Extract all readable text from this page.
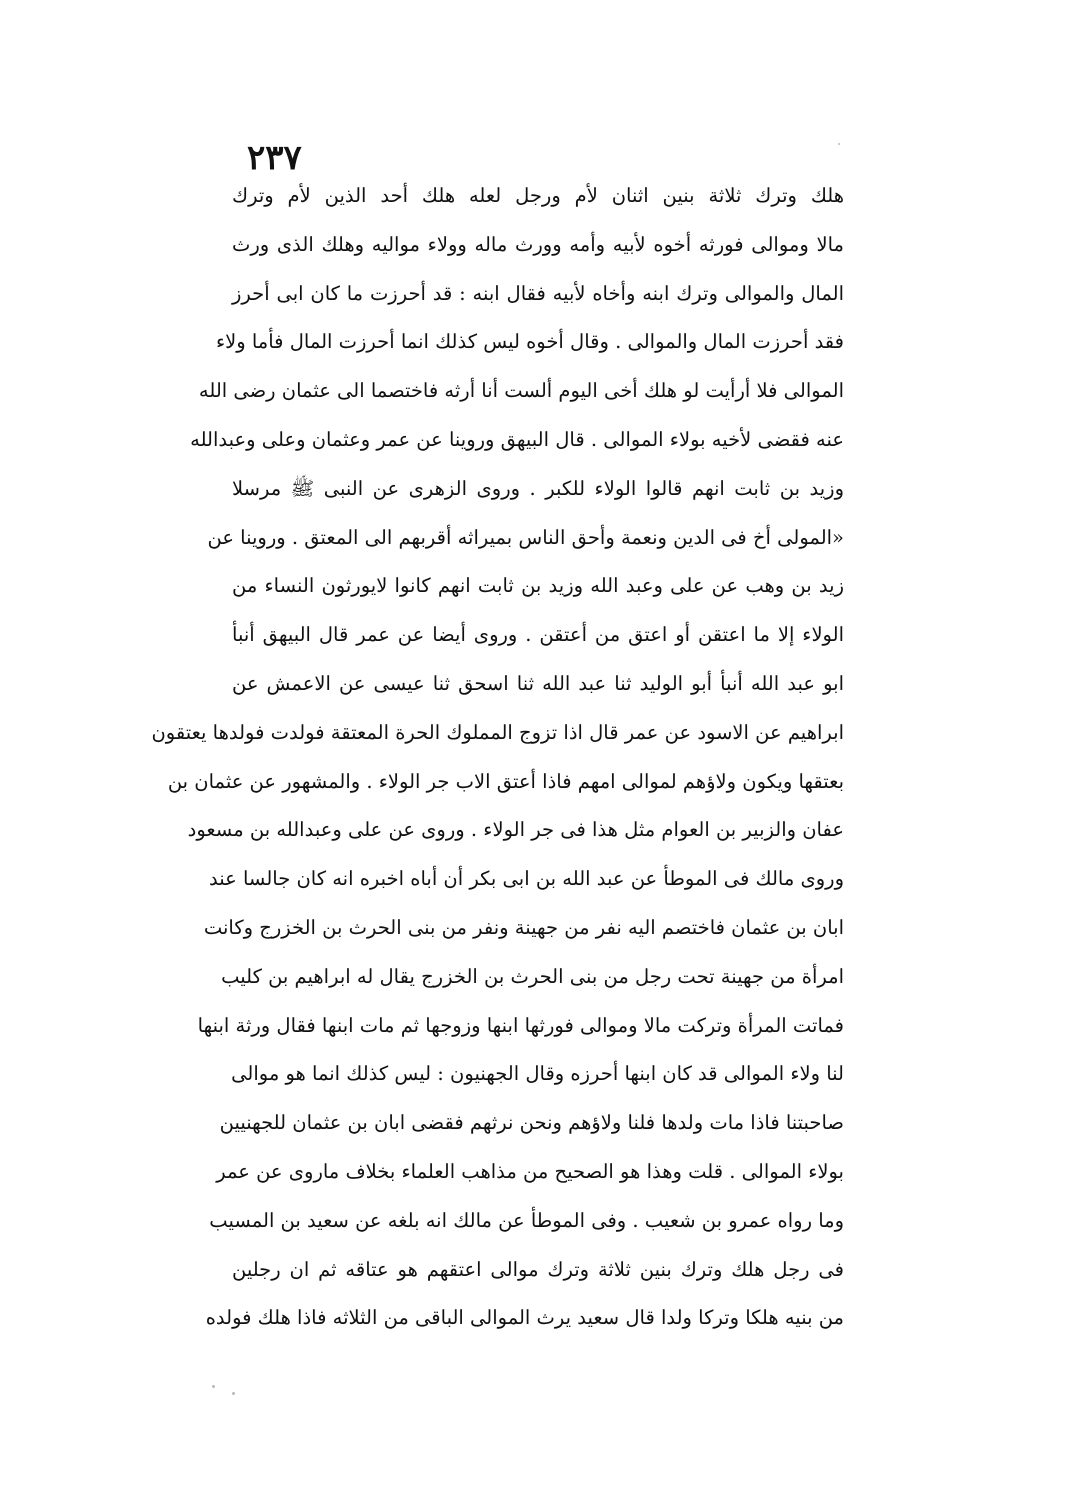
٢٣٧
هلك وترك ثلاثة بنين اثنان لأم ورجل لعله هلك أحد الذين لأم وترك
مالا وموالى فورثه أخوه لأبيه وأمه وورث ماله وولاء مواليه وهلك الذى ورث
المال والموالى وترك ابنه وأخاه لأبيه فقال ابنه : قد أحرزت ما كان ابى أحرز
فقد أحرزت المال والموالى . وقال أخوه ليس كذلك انما أحرزت المال فأما ولاء
الموالى فلا أرأيت لو هلك أخى اليوم ألست أنا أرثه فاختصما الى عثمان رضى الله
عنه فقضى لأخيه بولاء الموالى . قال البيهق وروينا عن عمر وعثمان وعلى وعبدالله
وزيد بن ثابت انهم قالوا الولاء للكبر . وروى الزهرى عن النبى ﷺ مرسلا
«المولى أخ فى الدين ونعمة وأحق الناس بميراثه أقربهم الى المعتق . وروينا عن
زيد بن وهب عن على وعبد الله وزيد بن ثابت انهم كانوا لايورثون النساء من
الولاء إلا ما اعتقن أو اعتق من أعتقن . وروى أيضا عن عمر قال البيهق أنبأ
ابو عبد الله أنبأ أبو الوليد ثنا عبد الله ثنا اسحق ثنا عيسى عن الاعمش عن
ابراهيم عن الاسود عن عمر قال اذا تزوج المملوك الحرة المعتقة فولدت فولدها يعتقون
بعتقها ويكون ولاؤهم لموالى امهم فاذا أعتق الاب جر الولاء . والمشهور عن عثمان بن
عفان والزبير بن العوام مثل هذا فى جر الولاء . وروى عن على وعبدالله بن مسعود
وروى مالك فى الموطأ عن عبد الله بن ابى بكر أن أباه اخبره انه كان جالسا عند
ابان بن عثمان فاختصم اليه نفر من جهينة ونفر من بنى الحرث بن الخزرج وكانت
امرأة من جهينة تحت رجل من بنى الحرث بن الخزرج يقال له ابراهيم بن كليب
فماتت المرأة وتركت مالا وموالى فورثها ابنها وزوجها ثم مات ابنها فقال ورثة ابنها
لنا ولاء الموالى قد كان ابنها أحرزه وقال الجهنيون : ليس كذلك انما هو موالى
صاحبتنا فاذا مات ولدها فلنا ولاؤهم ونحن نرثهم فقضى ابان بن عثمان للجهنيين
بولاء الموالى . قلت وهذا هو الصحيح من مذاهب العلماء بخلاف ماروى عن عمر
وما رواه عمرو بن شعيب . وفى الموطأ عن مالك انه بلغه عن سعيد بن المسيب
فى رجل هلك وترك بنين ثلاثة وترك موالى اعتقهم هو عتاقه ثم ان رجلين
من بنيه هلكا وتركا ولدا قال سعيد يرث الموالى الباقى من الثلاثه فاذا هلك فولده
